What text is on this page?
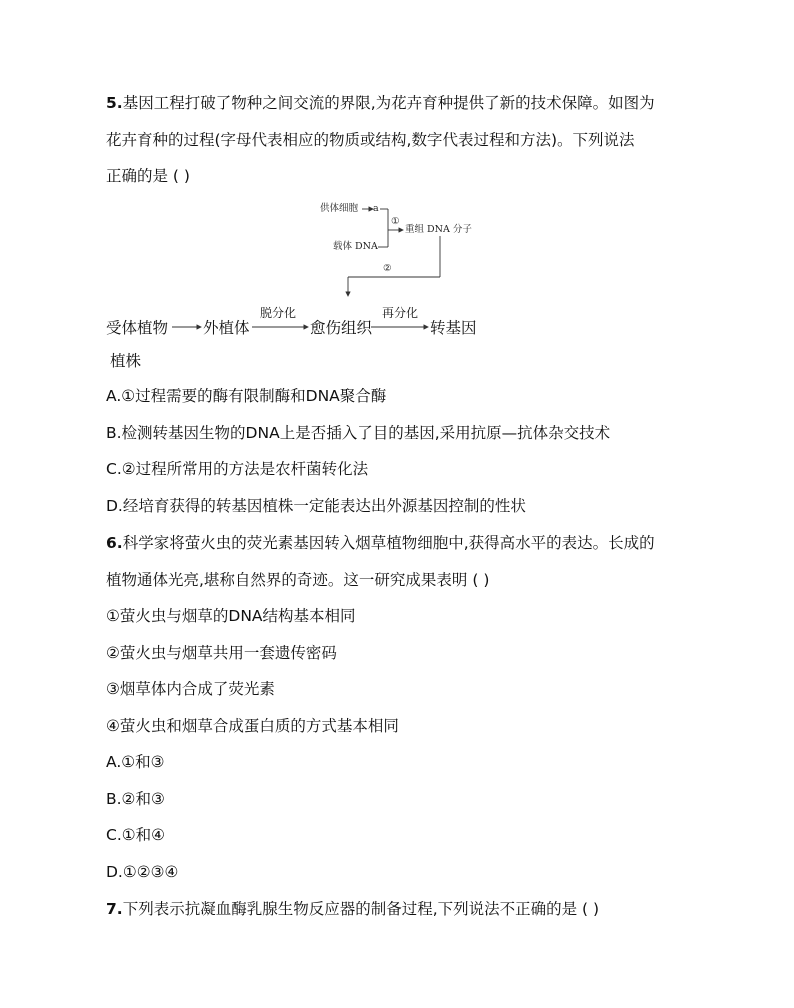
5.基因工程打破了物种之间交流的界限,为花卉育种提供了新的技术保障。如图为
花卉育种的过程(字母代表相应的物质或结构,数字代表过程和方法)。下列说法
正确的是 ( )
供体细胞 a
载体 DNA
①
重组 DNA 分子
②
受体植物 外植体
脱分化
愈伤组织
再分化
转基因
植株
A.①过程需要的酶有限制酶和DNA聚合酶
B.检测转基因生物的DNA上是否插入了目的基因,采用抗原—抗体杂交技术
C.②过程所常用的方法是农杆菌转化法
D.经培育获得的转基因植株一定能表达出外源基因控制的性状
6.科学家将萤火虫的荧光素基因转入烟草植物细胞中,获得高水平的表达。长成的
植物通体光亮,堪称自然界的奇迹。这一研究成果表明 ( )
①萤火虫与烟草的DNA结构基本相同
②萤火虫与烟草共用一套遗传密码
③烟草体内合成了荧光素
④萤火虫和烟草合成蛋白质的方式基本相同
A.①和③
B.②和③
C.①和④
D.①②③④
7.下列表示抗凝血酶乳腺生物反应器的制备过程,下列说法不正确的是 ( )
